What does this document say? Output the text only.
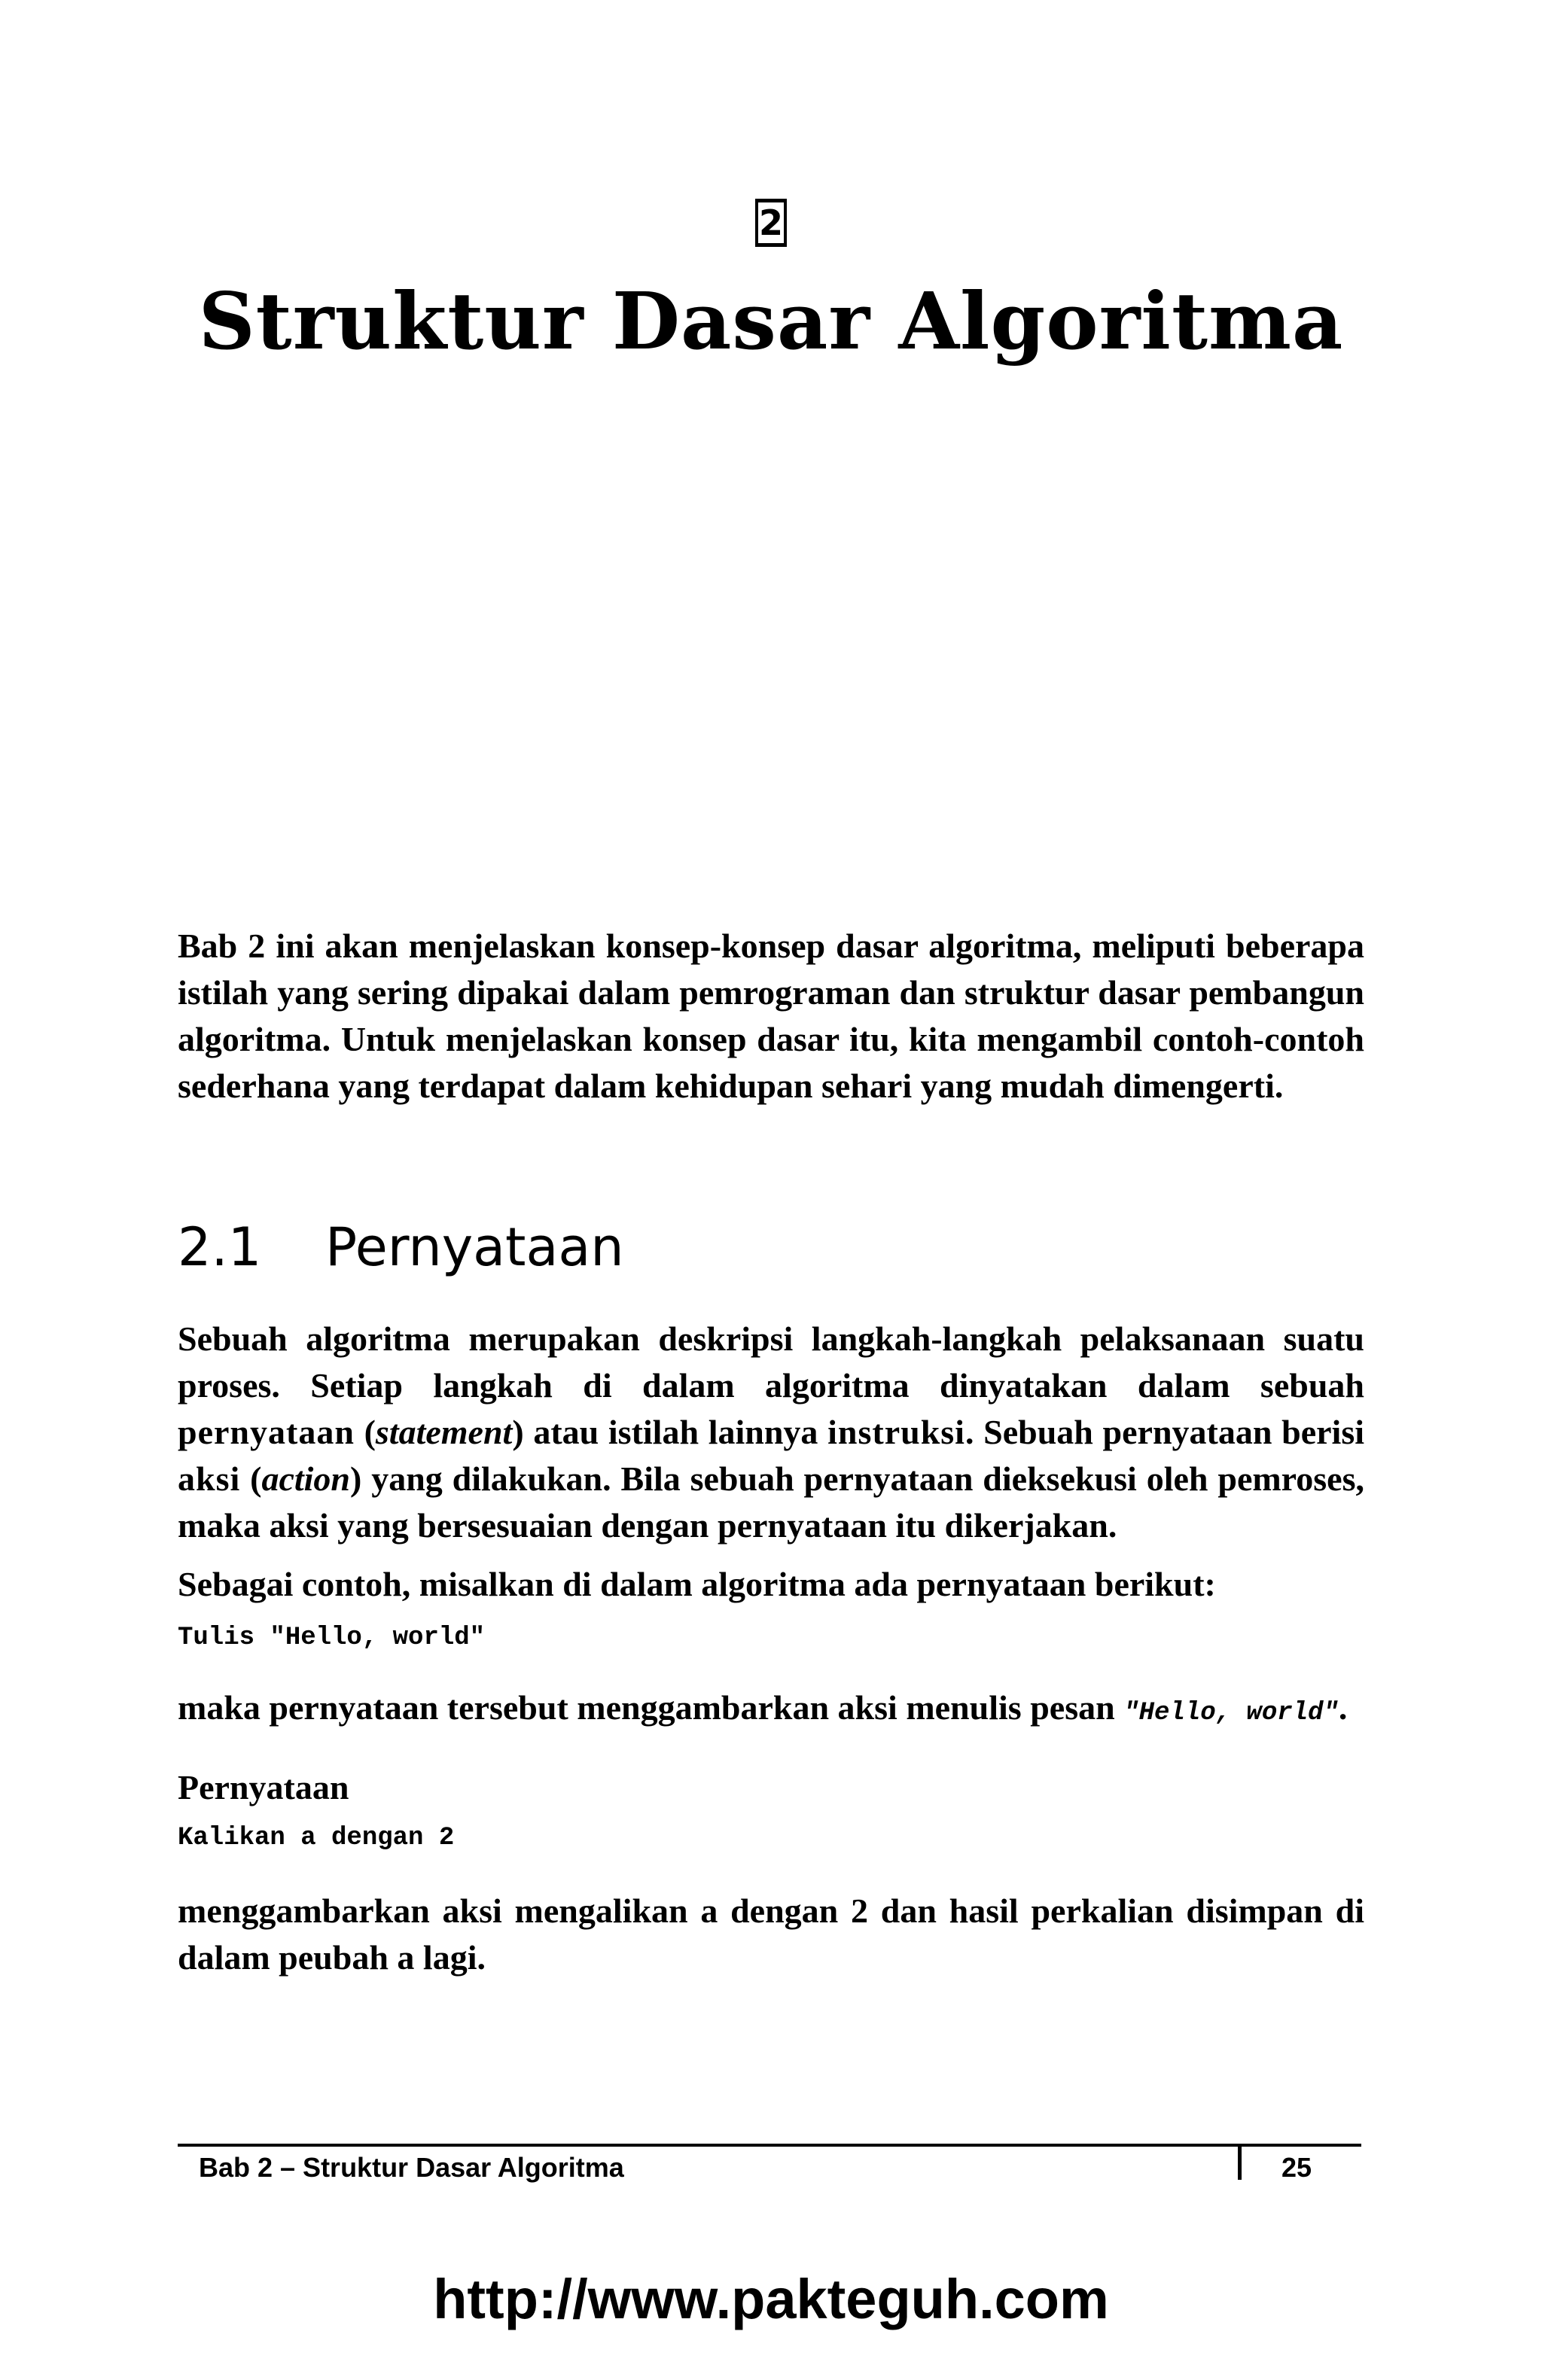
2
Struktur Dasar Algoritma

Bab 2 ini akan menjelaskan konsep-konsep dasar algoritma, meliputi beberapa istilah yang sering dipakai dalam pemrograman dan struktur dasar pembangun algoritma. Untuk menjelaskan konsep dasar itu, kita mengambil contoh-contoh sederhana yang terdapat dalam kehidupan sehari yang mudah dimengerti.

2.1 Pernyataan

Sebuah algoritma merupakan deskripsi langkah-langkah pelaksanaan suatu proses. Setiap langkah di dalam algoritma dinyatakan dalam sebuah pernyataan (statement) atau istilah lainnya instruksi. Sebuah pernyataan berisi aksi (action) yang dilakukan. Bila sebuah pernyataan dieksekusi oleh pemroses, maka aksi yang bersesuaian dengan pernyataan itu dikerjakan.

Sebagai contoh, misalkan di dalam algoritma ada pernyataan berikut:

Tulis "Hello, world"

maka pernyataan tersebut menggambarkan aksi menulis pesan "Hello, world".

Pernyataan

Kalikan a dengan 2

menggambarkan aksi mengalikan a dengan 2 dan hasil perkalian disimpan di dalam peubah a lagi.

Bab 2 – Struktur Dasar Algoritma	25

http://www.pakteguh.com
